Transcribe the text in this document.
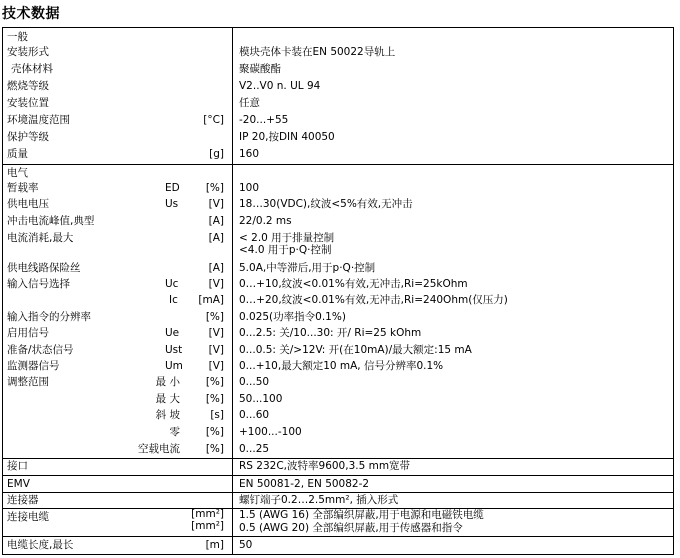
技术数据
一般
安装形式	模块壳体卡装在EN 50022导轨上
壳体材料	聚碳酸酯
燃烧等级	V2..V0 n. UL 94
安装位置	任意
环境温度范围	[°C] -20...+55
保护等级	IP 20,按DIN 40050
质量	[g] 160
电气
暂载率	ED	[%] 100
供电电压	Us	[V] 18…30(VDC),纹波<5%有效,无冲击
冲击电流峰值,典型	[A] 22/0.2 ms
电流消耗,最大	[A] < 2.0 用于排量控制
<4.0 用于p·Q·控制
供电线路保险丝	[A] 5.0A,中等滞后,用于p·Q·控制
输入信号选择	Uc	[V] 0…+10,纹波<0.01%有效,无冲击,Ri=25kOhm
Ic	[mA] 0…+20,纹波<0.01%有效,无冲击,Ri=240Ohm(仅压力)
输入指令的分辨率	[%] 0.025(功率指令0.1%)
启用信号	Ue	[V] 0...2.5: 关/10...30: 开/ Ri=25 kOhm
准备/状态信号	Ust	[V] 0...0.5: 关/>12V: 开(在10mA)/最大额定:15 mA
监测器信号	Um	[V] 0...+10,最大额定10 mA, 信号分辨率0.1%
调整范围	最 小	[%] 0...50
最 大	[%] 50...100
斜 坡	[s] 0...60
零	[%] +100...-100
空载电流	[%] 0...25
接口	RS 232C,波特率9600,3.5 mm宽带
EMV	EN 50081-2, EN 50082-2
连接器	螺钉端子0.2…2.5mm², 插入形式
连接电缆	[mm²] 1.5 (AWG 16) 全部编织屏蔽,用于电源和电磁铁电缆
[mm²] 0.5 (AWG 20) 全部编织屏蔽,用于传感器和指令
电缆长度,最长	[m] 50
